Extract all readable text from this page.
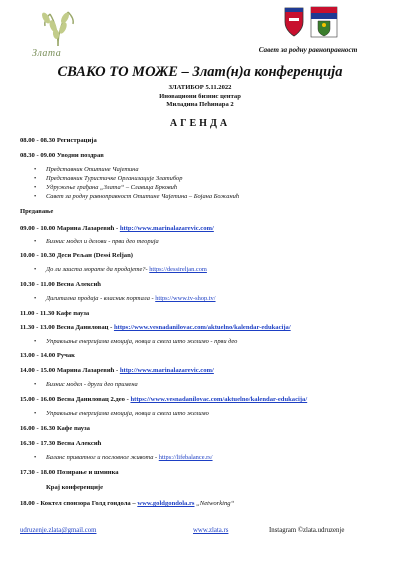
Злата	Савет за родну равноправност
СВАКО ТО МОЖЕ – Злат(н)а конференција
ЗЛАТИБОР 5.11.2022
Иновациони бизнис центар
Миладина Пећинара 2
АГЕНДА
08.00 - 08.30 Регистрација
08.30 - 09.00 Уводни поздрав
• Представник Општине Чајетина
• Представник Туристичке Организације Златибор
• Удружење грађана „Злата“ – Славица Брковић
• Савет за родну равноправност Општине Чајетина – Бојана Божанић
Предавање
09.00 - 10.00 Марина Лазаревић - http://www.marinalazarevic.com/
• Бизнис модел и делови - први део теорија
10.00 - 10.30 Деси Рељан (Dessi Reljan)
• До ли заиста морате да продајете?- https://dessireljan.com
10.30 - 11.00 Весна Алексић
• Дигитална продаја - власник портала - https://www.tv-shop.tv/
11.00 - 11.30 Кафе пауза
11.30 - 13.00 Весна Даниловац - https://www.vesnadanilovac.com/aktuelno/kalendar-edukacija/
• Управљање енергијама емоција, новца и свега што желимо - први део
13.00 - 14.00 Ручак
14.00 - 15.00 Марина Лазаревић - http://www.marinalazarevic.com/
• Бизнис модел - други део примена
15.00 - 16.00 Весна Даниловац 2.део - https://www.vesnadanilovac.com/aktuelno/kalendar-edukacija/
• Управљање енергијама емоција, новца и свега што желимо
16.00 - 16.30 Кафе пауза
16.30 - 17.30 Весна Алексић
• Баланс приватног и пословног живота - https://lifebalance.rs/
17.30 - 18.00 Позирање и шминка
Крај конференције
18.00 - Коктел спонзора Голд гондола – www.goldgondola.rs „Networking“
udruzenje.zlata@gmail.com	www.zlata.rs	Instagram ©zlata.udruzenje
